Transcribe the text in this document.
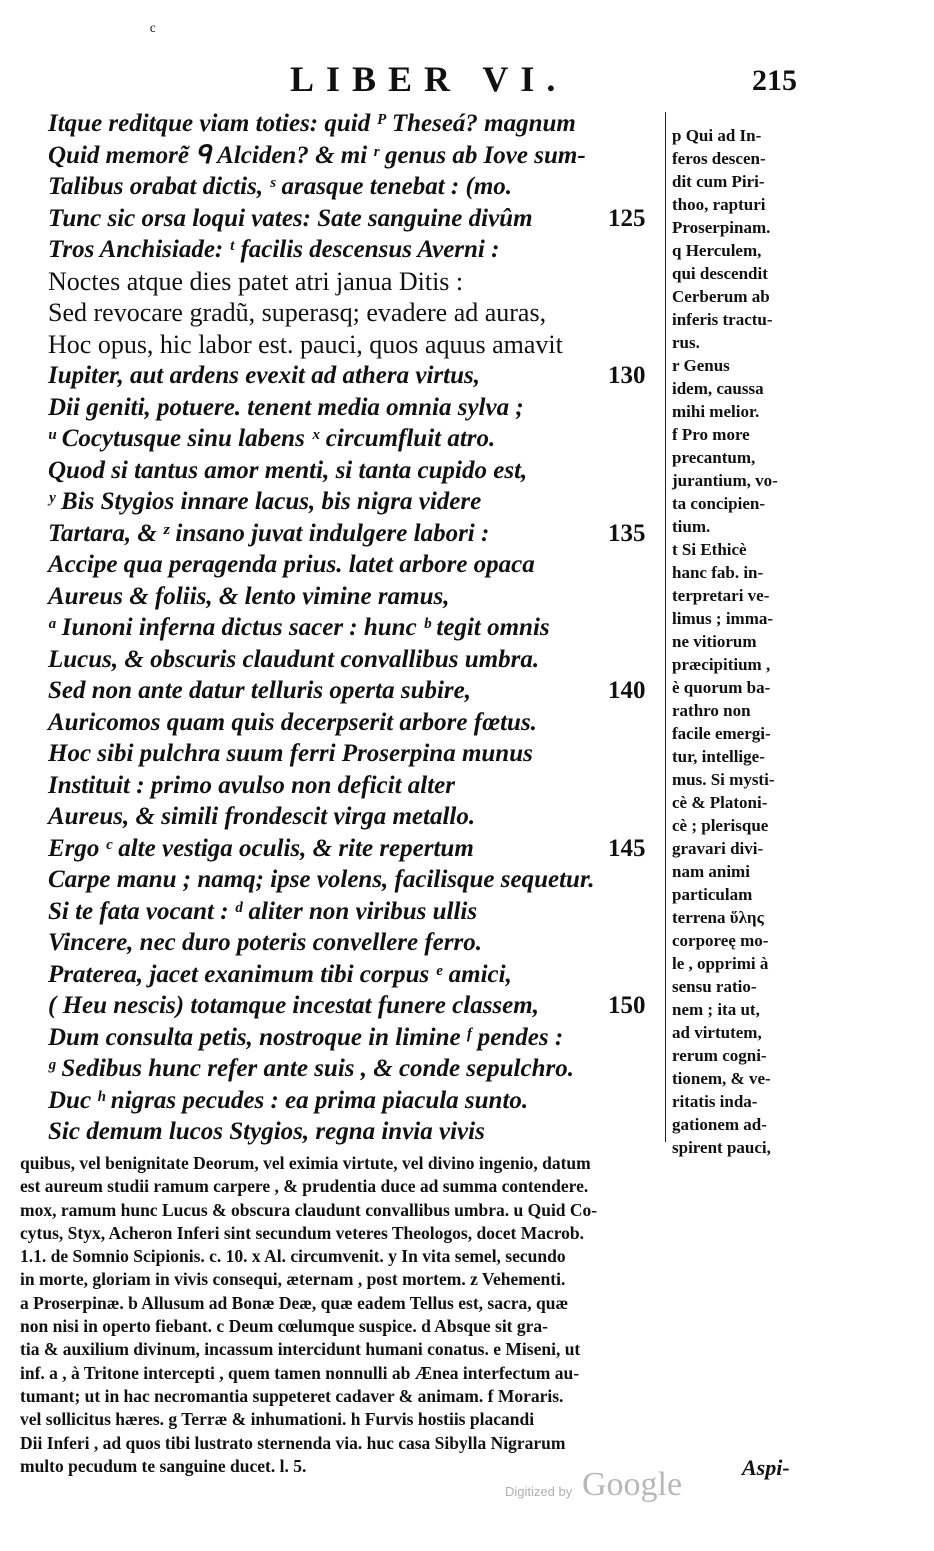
ᶜ
LIBER VI.	215
Itque reditque viam toties: quid ᴾ Theseá? magnum
Quid memorẽ ᑫ Alciden? & mi ʳ genus ab Iove sum-
Talibus orabat dictis, ˢ arasque tenebat : (mo.
Tunc sic orsa loqui vates: Sate sanguine divûm	125
Tros Anchisiade: ᵗ facilis descensus Averni :
Noctes atque dies patet atri janua Ditis :
Sed revocare gradũ, superasq; evadere ad auras,
Hoc opus, hic labor est. pauci, quos aquus amavit
Iupiter, aut ardens evexit ad athera virtus,	130
Dii geniti, potuere. tenent media omnia sylva ;
ᵘ Cocytusque sinu labens ˣ circumfluit atro.
Quod si tantus amor menti, si tanta cupido est,
ʸ Bis Stygios innare lacus, bis nigra videre
Tartara, & ᶻ insano juvat indulgere labori :	135
Accipe qua peragenda prius. latet arbore opaca
Aureus & foliis, & lento vimine ramus,
ᵃ Iunoni inferna dictus sacer : hunc ᵇ tegit omnis
Lucus, & obscuris claudunt convallibus umbra.
Sed non ante datur telluris operta subire,	140
Auricomos quam quis decerpserit arbore fœtus.
Hoc sibi pulchra suum ferri Proserpina munus
Instituit : primo avulso non deficit alter
Aureus, & simili frondescit virga metallo.
Ergo ᶜ alte vestiga oculis, & rite repertum	145
Carpe manu ; namq; ipse volens, facilisque sequetur.
Si te fata vocant : ᵈ aliter non viribus ullis
Vincere, nec duro poteris convellere ferro.
Praterea, jacet exanimum tibi corpus ᵉ amici,
( Heu nescis) totamque incestat funere classem,	150
Dum consulta petis, nostroque in limine ᶠ pendes :
ᵍ Sedibus hunc refer ante suis , & conde sepulchro.
Duc ʰ nigras pecudes : ea prima piacula sunto.
Sic demum lucos Stygios, regna invia vivis
p Qui ad In-
feros descen-
dit cum Piri-
thoo, rapturi
Proserpinam.
q Herculem,
qui descendit
Cerberum ab
inferis tractu-
rus.
r Genus
idem, caussa
mihi melior.
f Pro more
precantum,
jurantium, vo-
ta concipien-
tium.
t Si Ethicè
hanc fab. in-
terpretari ve-
limus ; imma-
ne vitiorum
præcipitium ,
è quorum ba-
rathro non
facile emergi-
tur, intellige-
mus. Si mysti-
cè & Platoni-
cè ; plerisque
gravari divi-
nam animi
particulam
terrena ὕλης
corporeę mo-
le , opprimi à
sensu ratio-
nem ; ita ut,
ad virtutem,
rerum cogni-
tionem, & ve-
ritatis inda-
gationem ad-
spirent pauci,
quibus, vel benignitate Deorum, vel eximia virtute, vel divino ingenio, datum
est aureum studii ramum carpere , & prudentia duce ad summa contendere.
mox, ramum hunc Lucus & obscura claudunt convallibus umbra. u Quid Co-
cytus, Styx, Acheron Inferi sint secundum veteres Theologos, docet Macrob.
1.1. de Somnio Scipionis. c. 10. x Al. circumvenit. y In vita semel, secundo
in morte, gloriam in vivis consequi, æternam , post mortem. z Vehementi.
a Proserpinæ. b Allusum ad Bonæ Deæ, quæ eadem Tellus est, sacra, quæ
non nisi in operto fiebant. c Deum cœlumque suspice. d Absque sit gra-
tia & auxilium divinum, incassum intercidunt humani conatus. e Miseni, ut
inf. a , à Tritone intercepti , quem tamen nonnulli ab Ænea interfectum au-
tumant; ut in hac necromantia suppeteret cadaver & animam. f Moraris.
vel sollicitus hæres. g Terræ & inhumationi. h Furvis hostiis placandi
Dii Inferi , ad quos tibi lustrato sternenda via. huc casa Sibylla Nigrarum
multo pecudum te sanguine ducet. l. 5.	Aspi-
Digitized by Google
